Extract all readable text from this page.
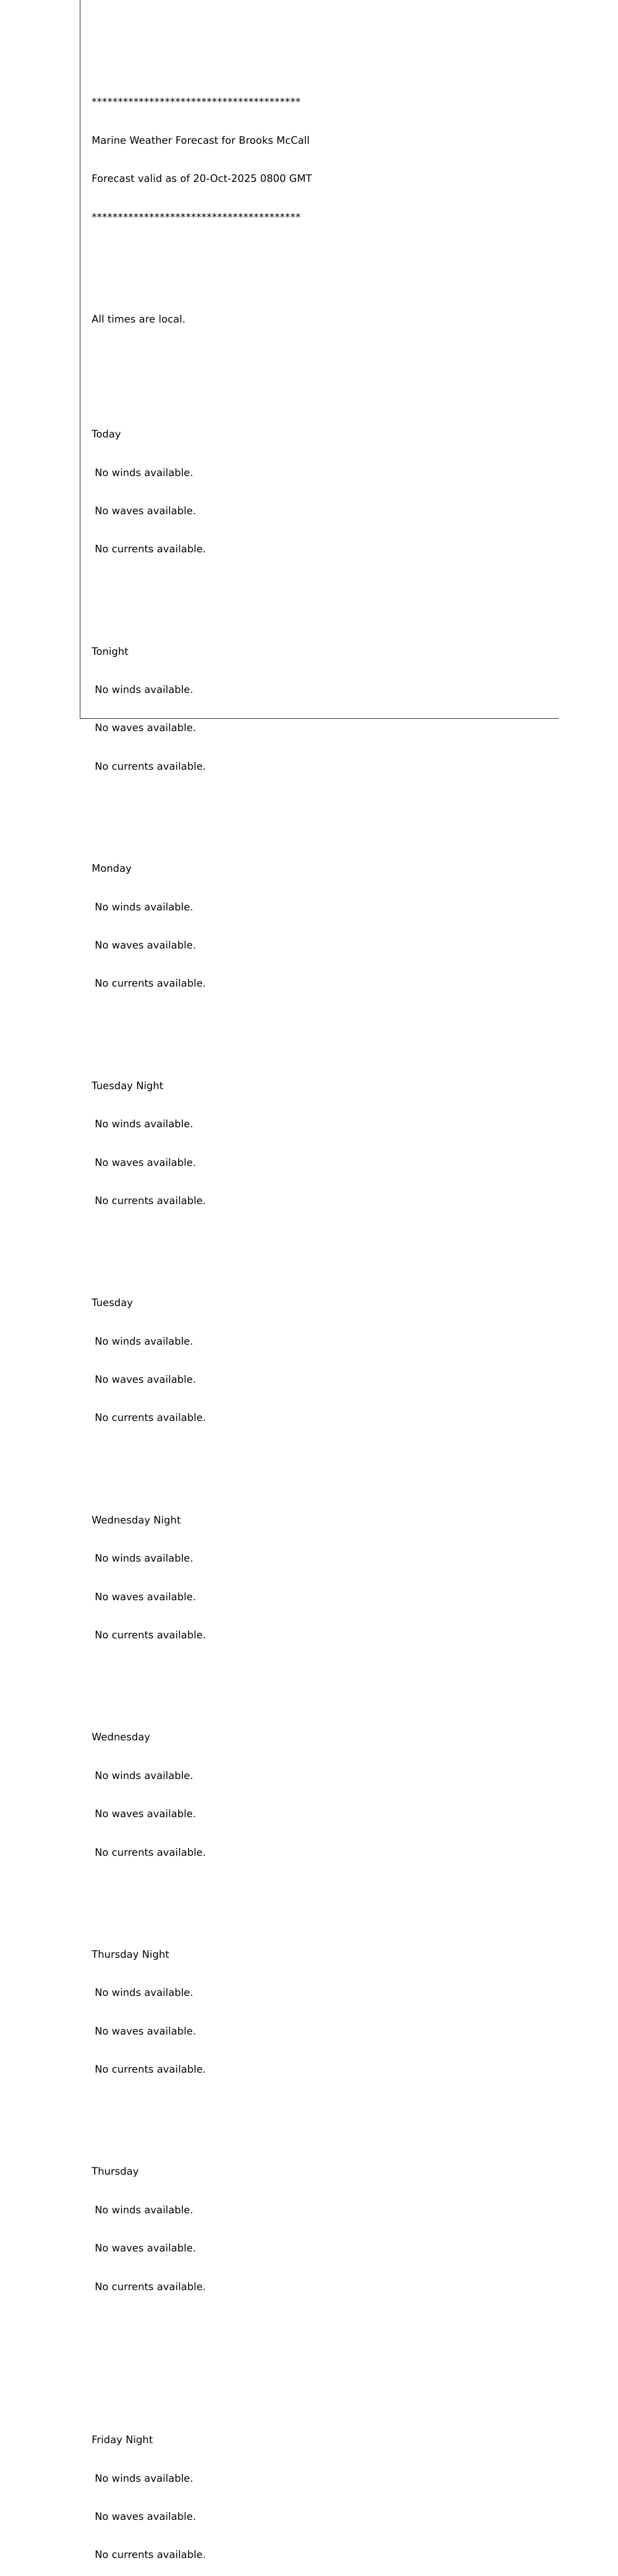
****************************************

Marine Weather Forecast for Brooks McCall

Forecast valid as of 20-Oct-2025 0800 GMT

****************************************

All times are local.

Today

No winds available.

No waves available.

No currents available.

Tonight

No winds available.

No waves available.

No currents available.

Monday

No winds available.

No waves available.

No currents available.

Tuesday Night

No winds available.

No waves available.

No currents available.

Tuesday

No winds available.

No waves available.

No currents available.

Wednesday Night

No winds available.

No waves available.

No currents available.

Wednesday

No winds available.

No waves available.

No currents available.

Thursday Night

No winds available.

No waves available.

No currents available.

Thursday

No winds available.

No waves available.

No currents available.

Friday Night

No winds available.

No waves available.

No currents available.
